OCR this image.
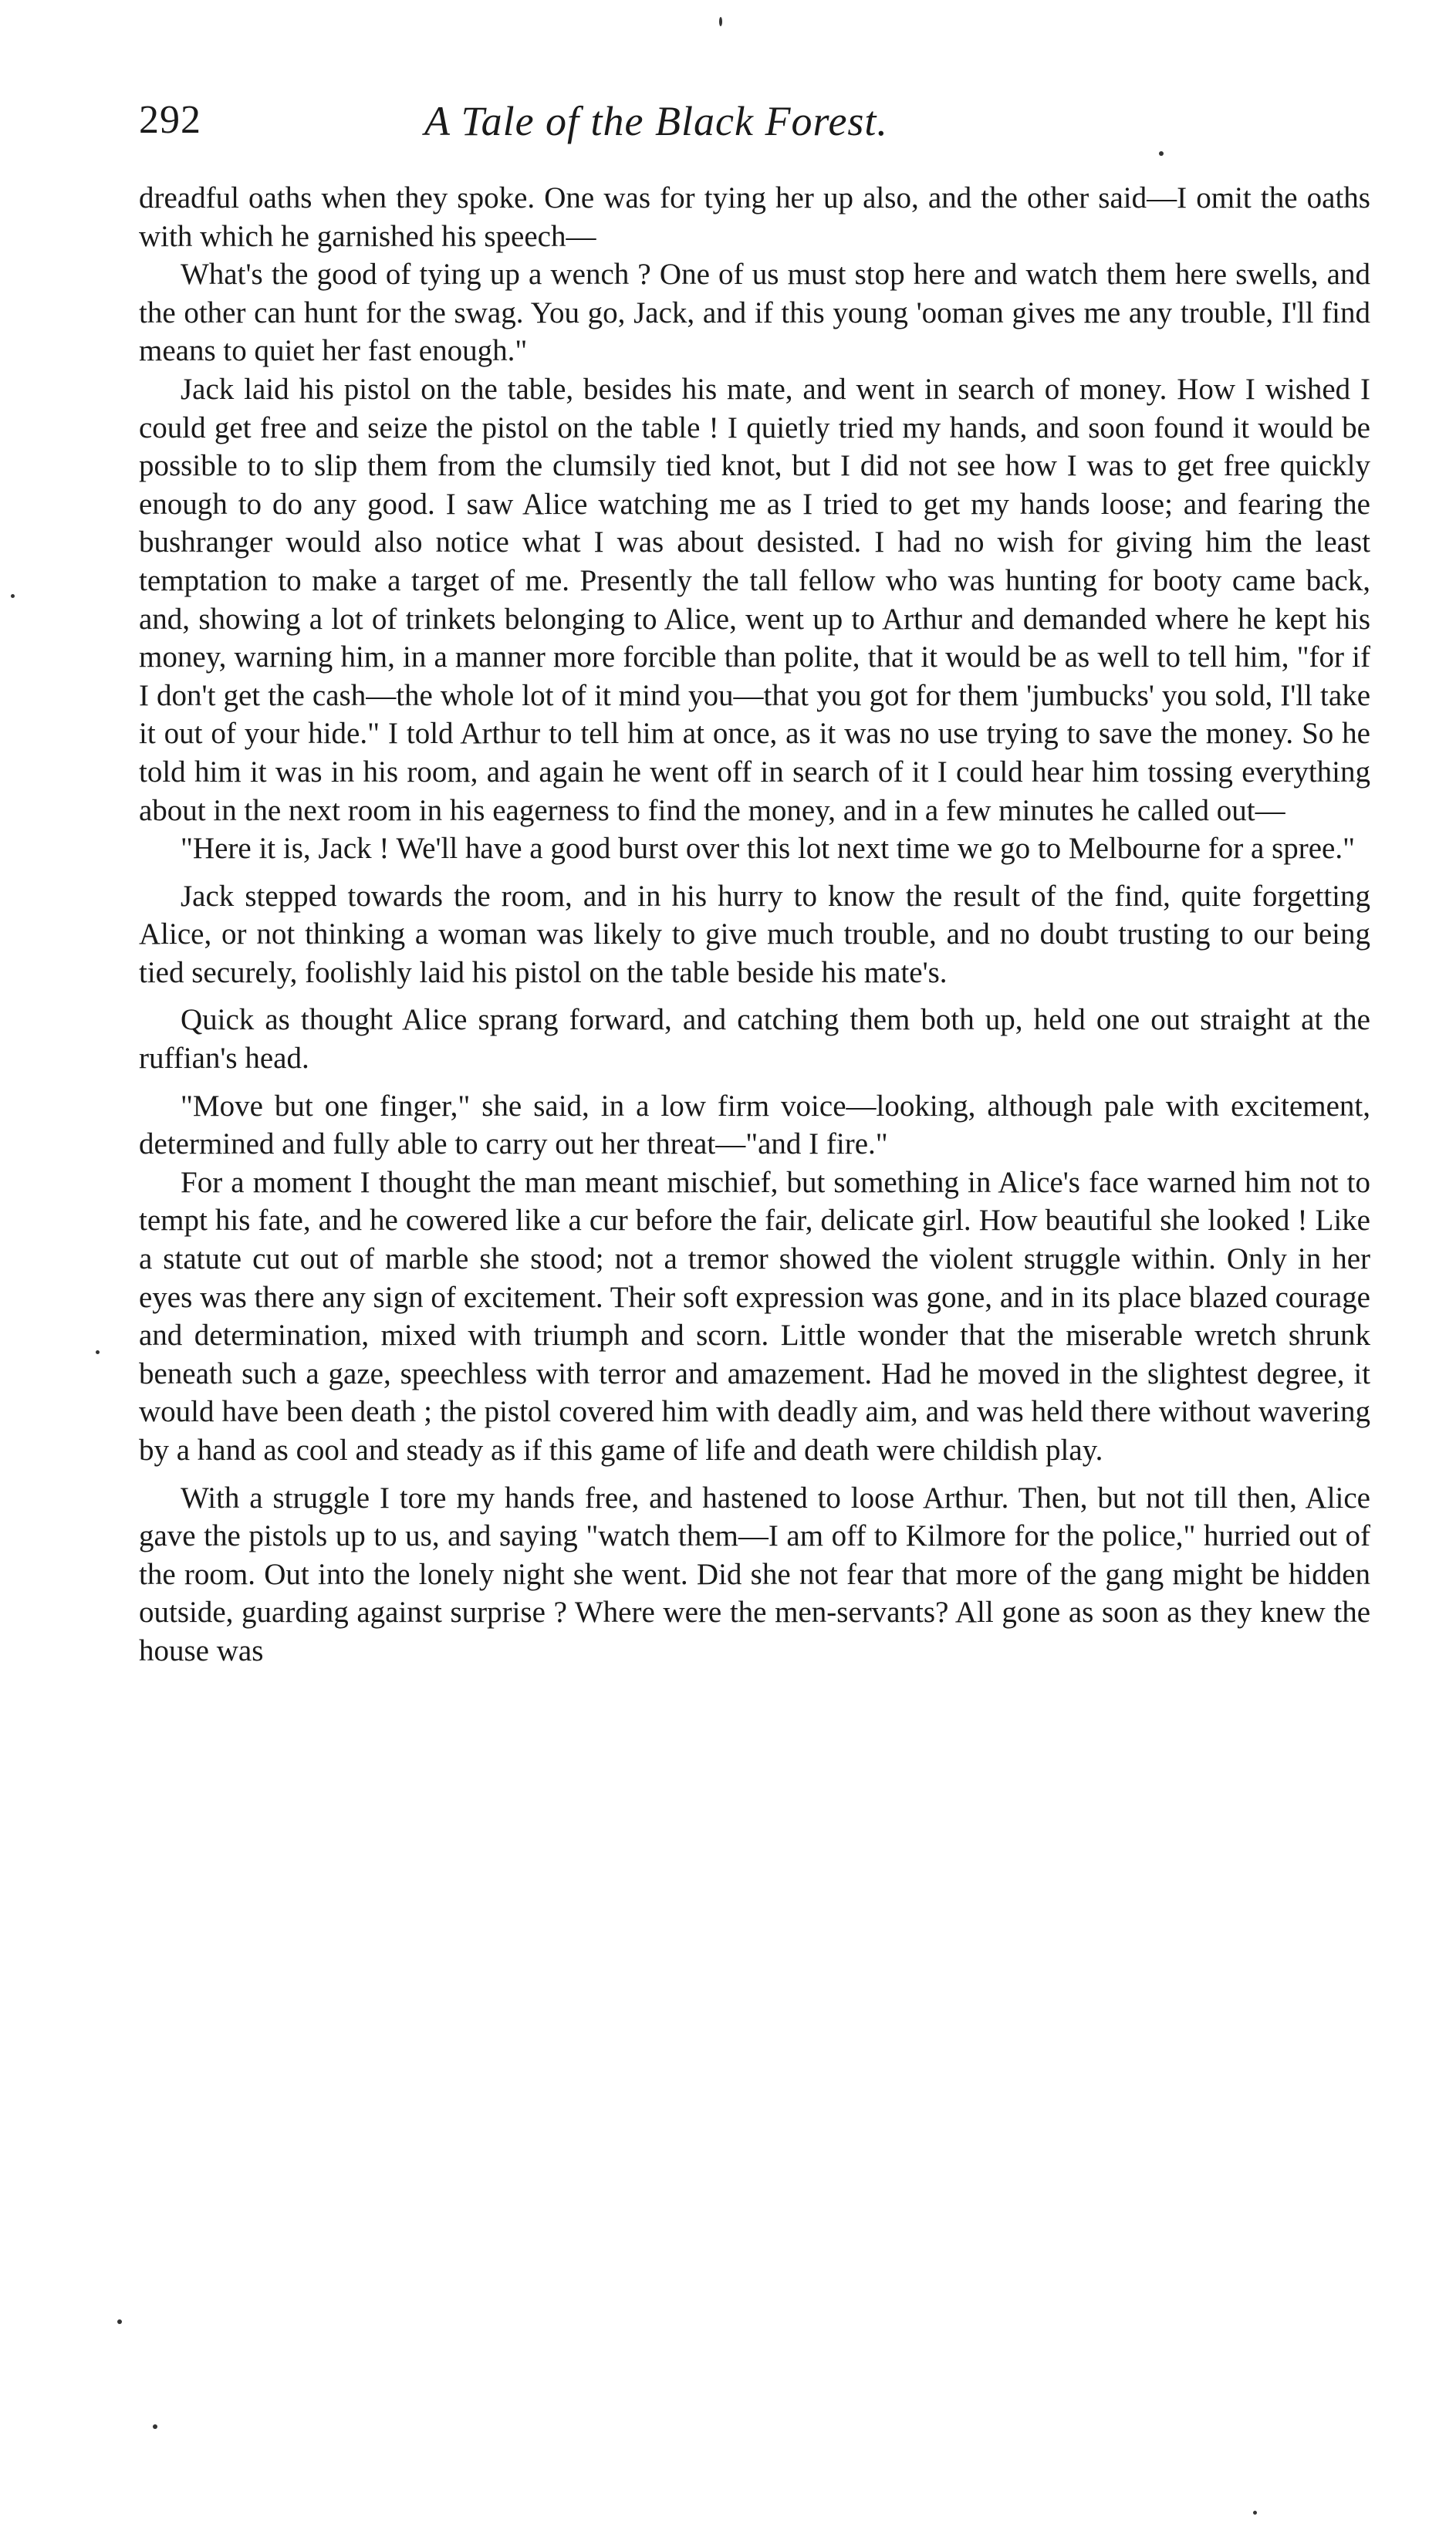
292	A Tale of the Black Forest.

dreadful oaths when they spoke. One was for tying her up also, and the other said—I omit the oaths with which he garnished his speech—

What's the good of tying up a wench ? One of us must stop here and watch them here swells, and the other can hunt for the swag. You go, Jack, and if this young 'ooman gives me any trouble, I'll find means to quiet her fast enough."

Jack laid his pistol on the table, besides his mate, and went in search of money. How I wished I could get free and seize the pistol on the table ! I quietly tried my hands, and soon found it would be possible to to slip them from the clumsily tied knot, but I did not see how I was to get free quickly enough to do any good. I saw Alice watching me as I tried to get my hands loose; and fearing the bushranger would also notice what I was about desisted. I had no wish for giving him the least temptation to make a target of me. Presently the tall fellow who was hunting for booty came back, and, showing a lot of trinkets belonging to Alice, went up to Arthur and demanded where he kept his money, warning him, in a manner more forcible than polite, that it would be as well to tell him, "for if I don't get the cash—the whole lot of it mind you—that you got for them 'jumbucks' you sold, I'll take it out of your hide." I told Arthur to tell him at once, as it was no use trying to save the money. So he told him it was in his room, and again he went off in search of it I could hear him tossing everything about in the next room in his eagerness to find the money, and in a few minutes he called out—

"Here it is, Jack ! We'll have a good burst over this lot next time we go to Melbourne for a spree."

Jack stepped towards the room, and in his hurry to know the result of the find, quite forgetting Alice, or not thinking a woman was likely to give much trouble, and no doubt trusting to our being tied securely, foolishly laid his pistol on the table beside his mate's.

Quick as thought Alice sprang forward, and catching them both up, held one out straight at the ruffian's head.

"Move but one finger," she said, in a low firm voice—looking, although pale with excitement, determined and fully able to carry out her threat—"and I fire."

For a moment I thought the man meant mischief, but something in Alice's face warned him not to tempt his fate, and he cowered like a cur before the fair, delicate girl. How beautiful she looked ! Like a statute cut out of marble she stood; not a tremor showed the violent struggle within. Only in her eyes was there any sign of excitement. Their soft expression was gone, and in its place blazed courage and determination, mixed with triumph and scorn. Little wonder that the miserable wretch shrunk beneath such a gaze, speechless with terror and amazement. Had he moved in the slightest degree, it would have been death ; the pistol covered him with deadly aim, and was held there without wavering by a hand as cool and steady as if this game of life and death were childish play.

With a struggle I tore my hands free, and hastened to loose Arthur. Then, but not till then, Alice gave the pistols up to us, and saying "watch them—I am off to Kilmore for the police," hurried out of the room. Out into the lonely night she went. Did she not fear that more of the gang might be hidden outside, guarding against surprise ? Where were the men-servants? All gone as soon as they knew the house was
